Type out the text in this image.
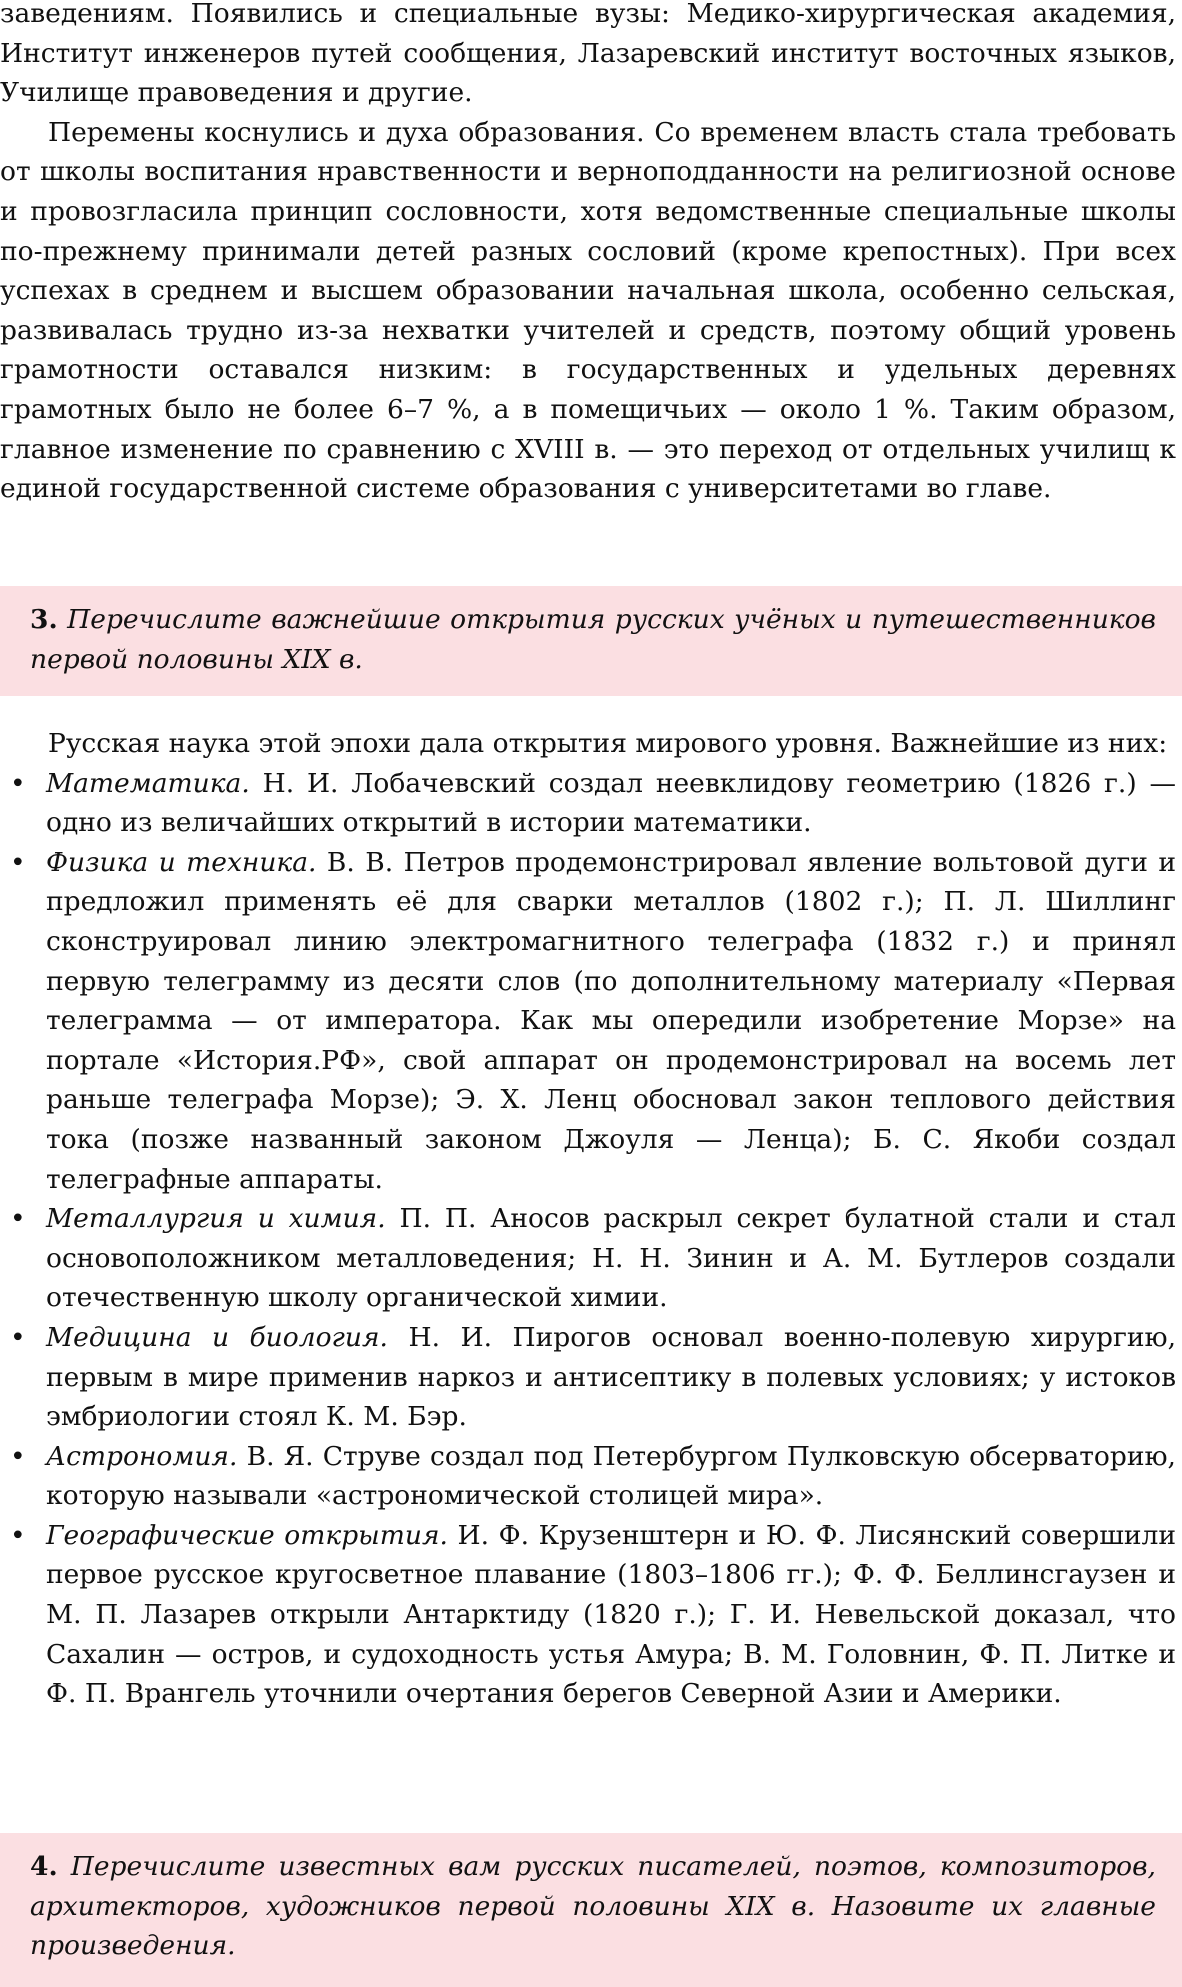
заведениям. Появились и специальные вузы: Медико-хирургическая академия, Институт инженеров путей сообщения, Лазаревский институт восточных языков, Училище правоведения и другие.

Перемены коснулись и духа образования. Со временем власть стала требовать от школы воспитания нравственности и верноподданности на религиозной основе и провозгласила принцип сословности, хотя ведомственные специальные школы по-прежнему принимали детей разных сословий (кроме крепостных). При всех успехах в среднем и высшем образовании начальная школа, особенно сельская, развивалась трудно из-за нехватки учителей и средств, поэтому общий уровень грамотности оставался низким: в государственных и удельных деревнях грамотных было не более 6–7 %, а в помещичьих — около 1 %. Таким образом, главное изменение по сравнению с XVIII в. — это переход от отдельных училищ к единой государственной системе образования с университетами во главе.

3. Перечислите важнейшие открытия русских учёных и путешественников первой половины XIX в.

Русская наука этой эпохи дала открытия мирового уровня. Важнейшие из них:

• Математика. Н. И. Лобачевский создал неевклидову геометрию (1826 г.) — одно из величайших открытий в истории математики.
• Физика и техника. В. В. Петров продемонстрировал явление вольтовой дуги и предложил применять её для сварки металлов (1802 г.); П. Л. Шиллинг сконструировал линию электромагнитного телеграфа (1832 г.) и принял первую телеграмму из десяти слов (по дополнительному материалу «Первая телеграмма — от императора. Как мы опередили изобретение Морзе» на портале «История.РФ», свой аппарат он продемонстрировал на восемь лет раньше телеграфа Морзе); Э. Х. Ленц обосновал закон теплового действия тока (позже названный законом Джоуля — Ленца); Б. С. Якоби создал телеграфные аппараты.
• Металлургия и химия. П. П. Аносов раскрыл секрет булатной стали и стал основоположником металловедения; Н. Н. Зинин и А. М. Бутлеров создали отечественную школу органической химии.
• Медицина и биология. Н. И. Пирогов основал военно-полевую хирургию, первым в мире применив наркоз и антисептику в полевых условиях; у истоков эмбриологии стоял К. М. Бэр.
• Астрономия. В. Я. Струве создал под Петербургом Пулковскую обсерваторию, которую называли «астрономической столицей мира».
• Географические открытия. И. Ф. Крузенштерн и Ю. Ф. Лисянский совершили первое русское кругосветное плавание (1803–1806 гг.); Ф. Ф. Беллинсгаузен и М. П. Лазарев открыли Антарктиду (1820 г.); Г. И. Невельской доказал, что Сахалин — остров, и судоходность устья Амура; В. М. Головнин, Ф. П. Литке и Ф. П. Врангель уточнили очертания берегов Северной Азии и Америки.

4. Перечислите известных вам русских писателей, поэтов, композиторов, архитекторов, художников первой половины XIX в. Назовите их главные произведения.
